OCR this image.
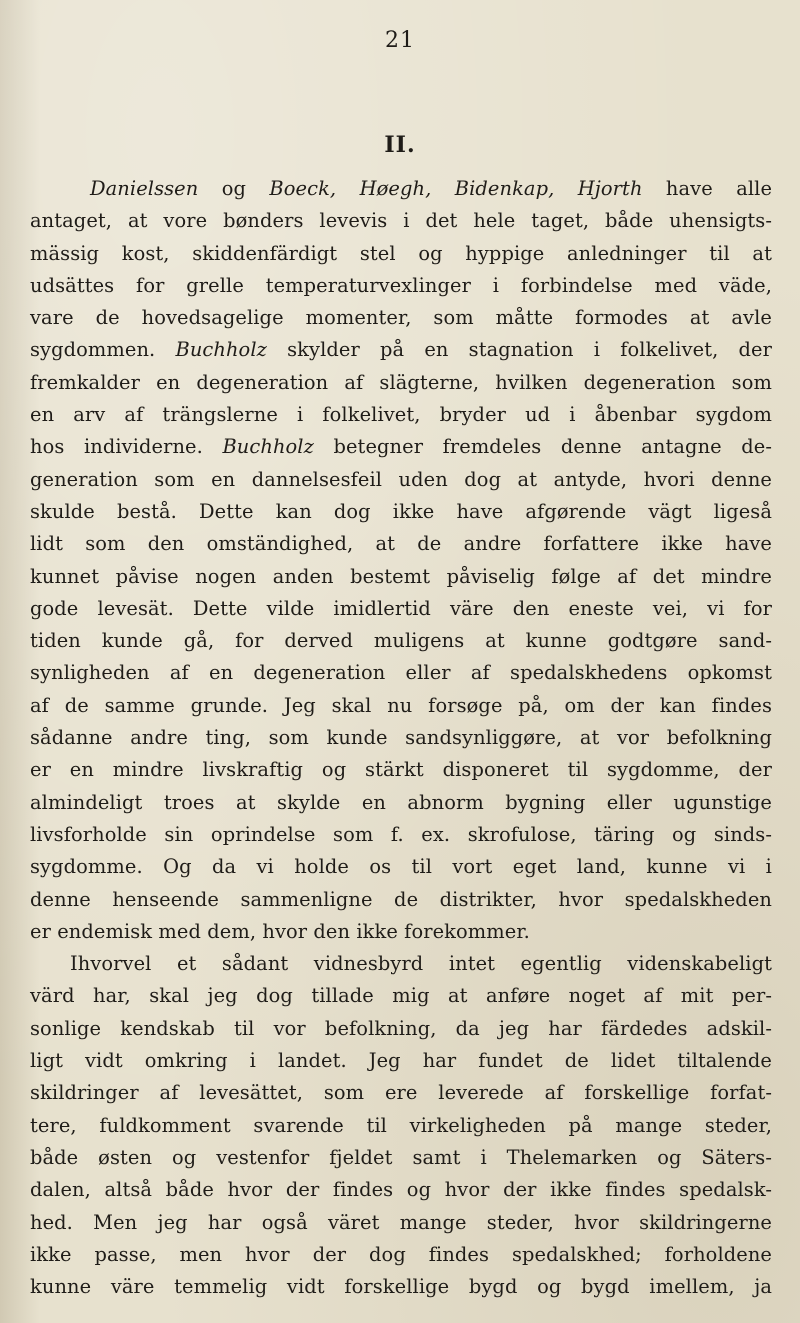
21
II.
Danielssen og Boeck, Høegh, Bidenkap, Hjorth have alle
antaget, at vore bønders levevis i det hele taget, både uhensigts-
mässig kost, skiddenfärdigt stel og hyppige anledninger til at
udsättes for grelle temperaturvexlinger i forbindelse med väde,
vare de hovedsagelige momenter, som måtte formodes at avle
sygdommen. Buchholz skylder på en stagnation i folkelivet, der
fremkalder en degeneration af slägterne, hvilken degeneration som
en arv af trängslerne i folkelivet, bryder ud i åbenbar sygdom
hos individerne. Buchholz betegner fremdeles denne antagne de-
generation som en dannelsesfeil uden dog at antyde, hvori denne
skulde bestå. Dette kan dog ikke have afgørende vägt ligeså
lidt som den omständighed, at de andre forfattere ikke have
kunnet påvise nogen anden bestemt påviselig følge af det mindre
gode levesät. Dette vilde imidlertid väre den eneste vei, vi for
tiden kunde gå, for derved muligens at kunne godtgøre sand-
synligheden af en degeneration eller af spedalskhedens opkomst
af de samme grunde. Jeg skal nu forsøge på, om der kan findes
sådanne andre ting, som kunde sandsynliggøre, at vor befolkning
er en mindre livskraftig og stärkt disponeret til sygdomme, der
almindeligt troes at skylde en abnorm bygning eller ugunstige
livsforholde sin oprindelse som f. ex. skrofulose, täring og sinds-
sygdomme. Og da vi holde os til vort eget land, kunne vi i
denne henseende sammenligne de distrikter, hvor spedalskheden
er endemisk med dem, hvor den ikke forekommer.
Ihvorvel et sådant vidnesbyrd intet egentlig videnskabeligt
värd har, skal jeg dog tillade mig at anføre noget af mit per-
sonlige kendskab til vor befolkning, da jeg har färdedes adskil-
ligt vidt omkring i landet. Jeg har fundet de lidet tiltalende
skildringer af levesättet, som ere leverede af forskellige forfat-
tere, fuldkomment svarende til virkeligheden på mange steder,
både østen og vestenfor fjeldet samt i Thelemarken og Säters-
dalen, altså både hvor der findes og hvor der ikke findes spedalsk-
hed. Men jeg har også väret mange steder, hvor skildringerne
ikke passe, men hvor der dog findes spedalskhed; forholdene
kunne väre temmelig vidt forskellige bygd og bygd imellem, ja
